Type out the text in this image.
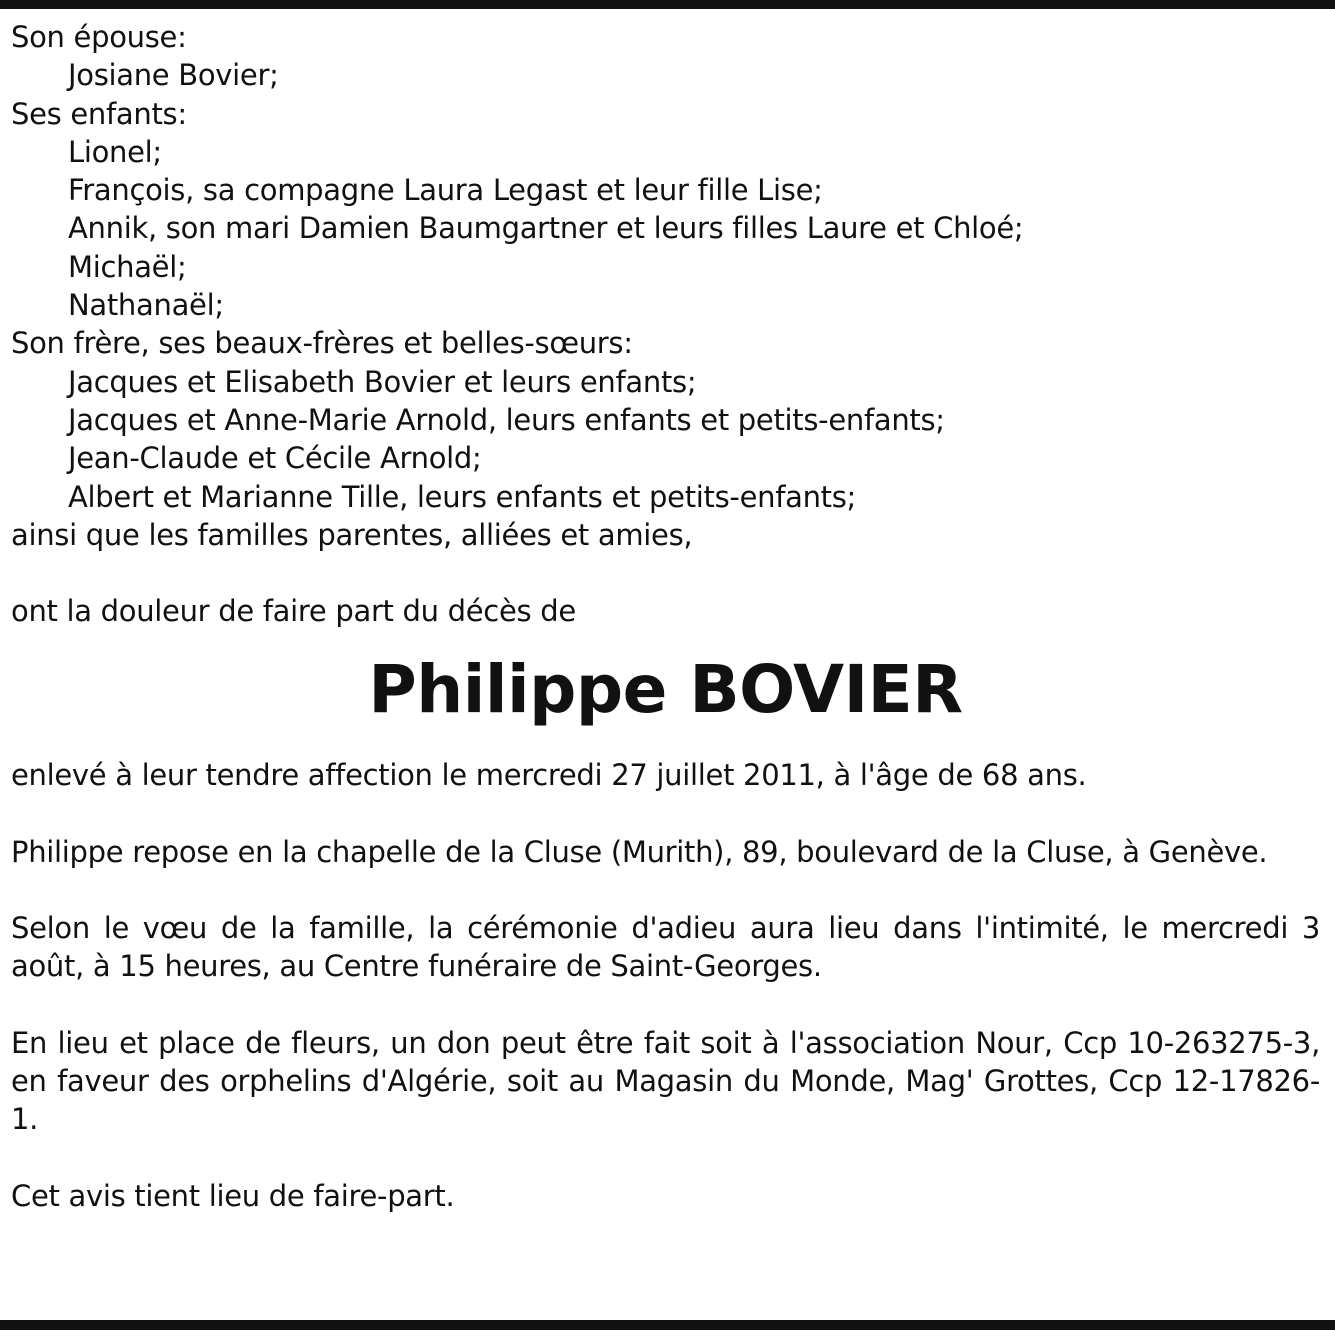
Son épouse:
Josiane Bovier;
Ses enfants:
Lionel;
François, sa compagne Laura Legast et leur fille Lise;
Annik, son mari Damien Baumgartner et leurs filles Laure et Chloé;
Michaël;
Nathanaël;
Son frère, ses beaux-frères et belles-sœurs:
Jacques et Elisabeth Bovier et leurs enfants;
Jacques et Anne-Marie Arnold, leurs enfants et petits-enfants;
Jean-Claude et Cécile Arnold;
Albert et Marianne Tille, leurs enfants et petits-enfants;
ainsi que les familles parentes, alliées et amies,
ont la douleur de faire part du décès de
Philippe BOVIER
enlevé à leur tendre affection le mercredi 27 juillet 2011, à l'âge de 68 ans.
Philippe repose en la chapelle de la Cluse (Murith), 89, boulevard de la Cluse, à Genève.
Selon le vœu de la famille, la cérémonie d'adieu aura lieu dans l'intimité, le mercredi 3 août, à 15 heures, au Centre funéraire de Saint-Georges.
En lieu et place de fleurs, un don peut être fait soit à l'association Nour, Ccp 10-263275-3, en faveur des orphelins d'Algérie, soit au Magasin du Monde, Mag' Grottes, Ccp 12-17826-1.
Cet avis tient lieu de faire-part.
